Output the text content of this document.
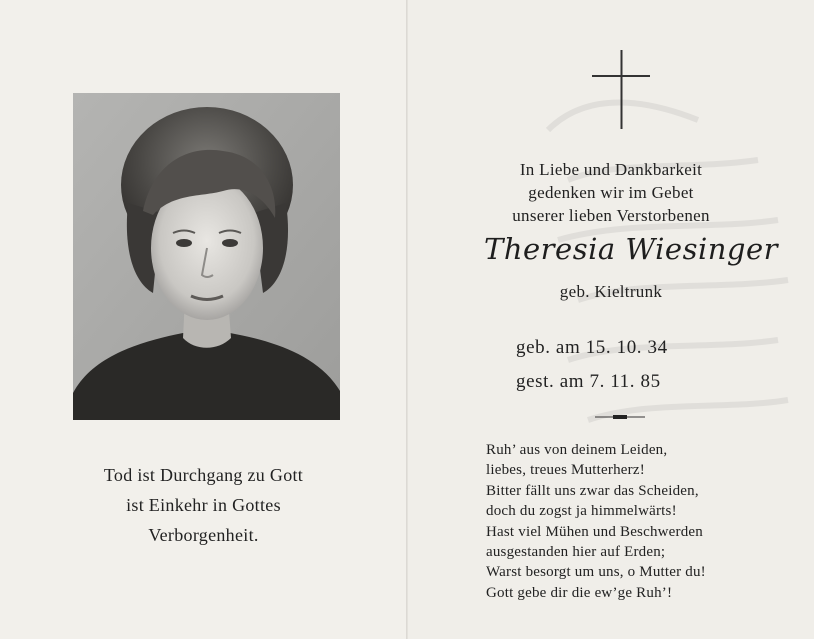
Tod ist Durchgang zu Gott
ist Einkehr in Gottes
Verborgenheit.
In Liebe und Dankbarkeit
gedenken wir im Gebet
unserer lieben Verstorbenen
Theresia Wiesinger
geb. Kieltrunk
geb. am 15. 10. 34
gest. am 7. 11. 85
Ruh’ aus von deinem Leiden,
liebes, treues Mutterherz!
Bitter fällt uns zwar das Scheiden,
doch du zogst ja himmelwärts!
Hast viel Mühen und Beschwerden
ausgestanden hier auf Erden;
Warst besorgt um uns, o Mutter du!
Gott gebe dir die ew’ge Ruh’!
